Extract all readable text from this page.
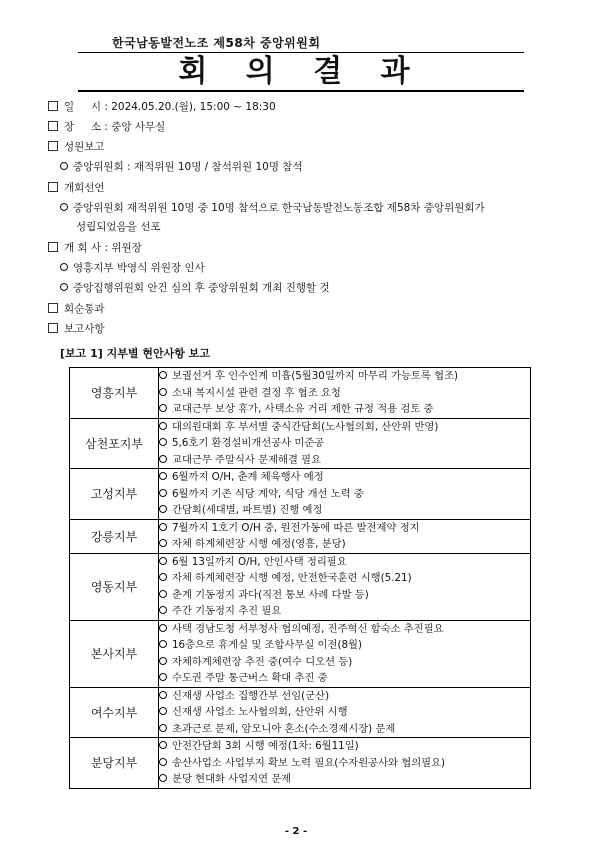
한국남동발전노조 제58차 중앙위원회
회 의 결 과
일     시 : 2024.05.20.(월), 15:00 ~ 18:30
장     소 : 중앙 사무실
성원보고
중앙위원회 : 재적위원 10명 / 참석위원 10명 참석
개회선언
중앙위원회 재적위원 10명 중 10명 참석으로 한국남동발전노동조합 제58차 중앙위원회가
성립되었음을 선포
개 회 사 : 위원장
영흥지부 박영식 위원장 인사
중앙집행위원회 안건 심의 후 중앙위원회 개최 진행할 것
회순통과
보고사항
[보고 1] 지부별 현안사항 보고
영흥지부	보궐선거 후 인수인계 미흡(5월30일까지 마무리 가능토록 협조)
소내 복지시설 관련 결정 후 협조 요청
교대근무 보상 휴가, 사택소유 거리 제한 규정 적용 검토 중

삼천포지부	대의원대회 후 부서별 중식간담회(노사협의회, 산안위 반영)
5,6호기 환경설비개선공사 미준공
교대근무 주말식사 문제해결 필요

고성지부	6월까지 O/H, 춘계 체육행사 예정
6월까지 기존 식당 계약, 식당 개선 노력 중
간담회(세대별, 파트별) 진행 예정

강릉지부	7월까지 1호기 O/H 중, 원전가동에 따른 발전제약 정지
자체 하계체련장 시행 예정(영흥, 분당)

영동지부	6월 13일까지 O/H, 안인사택 정리필요
자체 하계체련장 시행 예정, 안전한국훈련 시행(5.21)
춘계 기동정지 과다(직전 통보 사례 다발 등)
주간 기동정지 추진 필요

본사지부	사택 경남도청 서부청사 협의예정, 진주혁신 합숙소 추진필요
16층으로 휴게실 및 조합사무실 이전(8월)
자체하계체련장 추진 중(여수 디오션 등)
수도권 주말 통근버스 확대 추진 중

여수지부	신재생 사업소 집행간부 선임(군산)
신재생 사업소 노사협의회, 산안위 시행
초과근로 문제, 암모니아 혼소(수소경제시장) 문제

분당지부	안전간담회 3회 시행 예정(1차: 6월11일)
송산사업소 사업부지 확보 노력 필요(수자원공사와 협의필요)
분당 현대화 사업지연 문제
- 2 -
